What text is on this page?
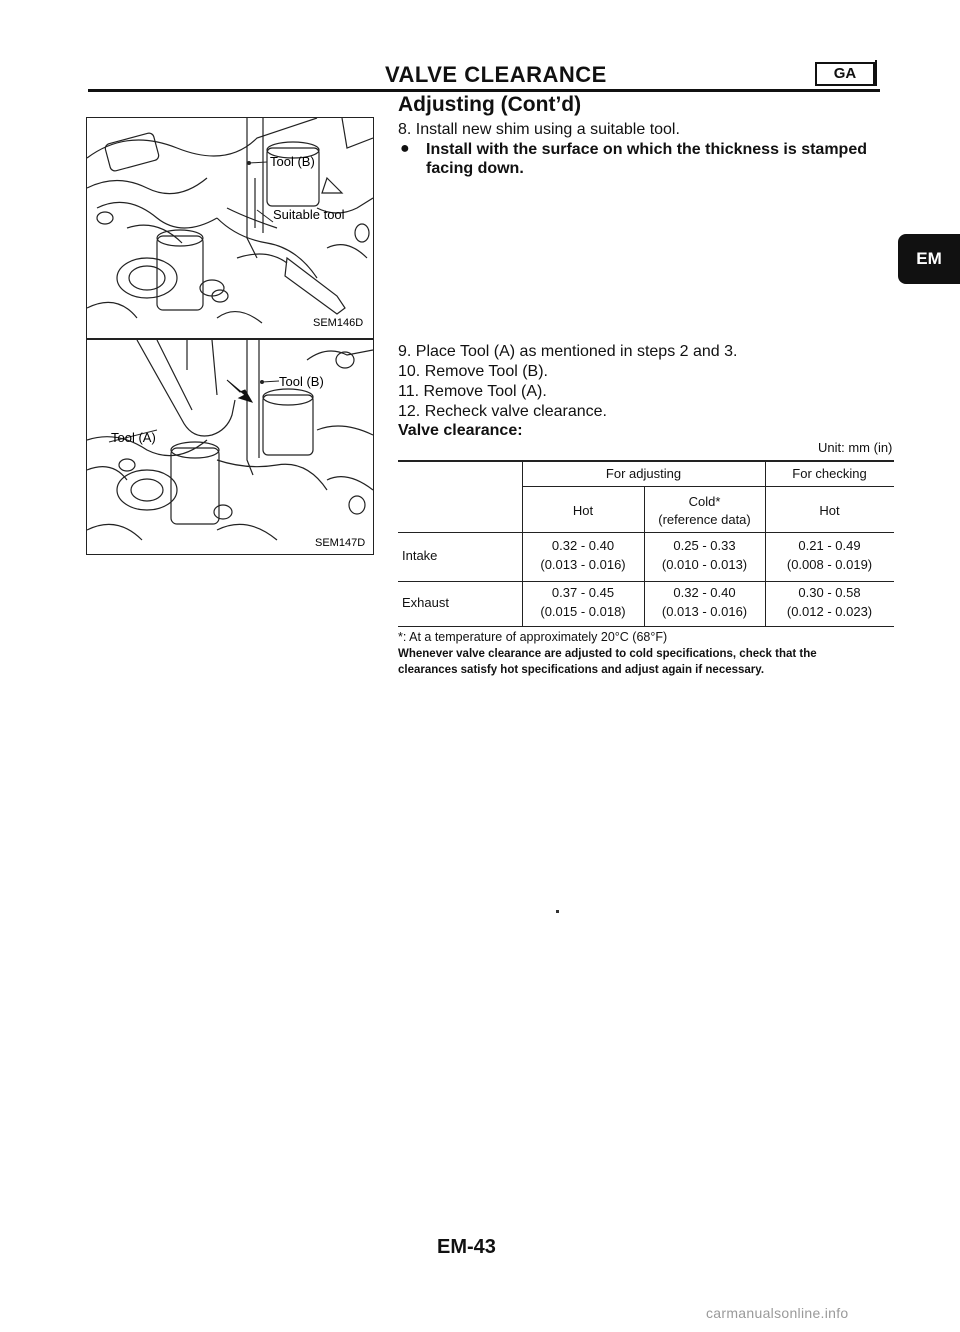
VALVE CLEARANCE	GA
Adjusting (Cont’d)
Tool (B)
Suitable tool
SEM146D
Tool (B)
Tool (A)
SEM147D
8. Install new shim using a suitable tool.
● Install with the surface on which the thickness is stamped
facing down.
9. Place Tool (A) as mentioned in steps 2 and 3.
10. Remove Tool (B).
11. Remove Tool (A).
12. Recheck valve clearance.
Valve clearance:
Unit: mm (in)
For adjusting	For checking
Hot
Cold*
(reference data)
Hot
Intake
0.32 - 0.40
(0.013 - 0.016)
0.25 - 0.33
(0.010 - 0.013)
0.21 - 0.49
(0.008 - 0.019)
Exhaust
0.37 - 0.45
(0.015 - 0.018)
0.32 - 0.40
(0.013 - 0.016)
0.30 - 0.58
(0.012 - 0.023)
*: At a temperature of approximately 20°C (68°F)
Whenever valve clearance are adjusted to cold specifications, check that the
clearances satisfy hot specifications and adjust again if necessary.
EM
EM-43
carmanualsonline.info
